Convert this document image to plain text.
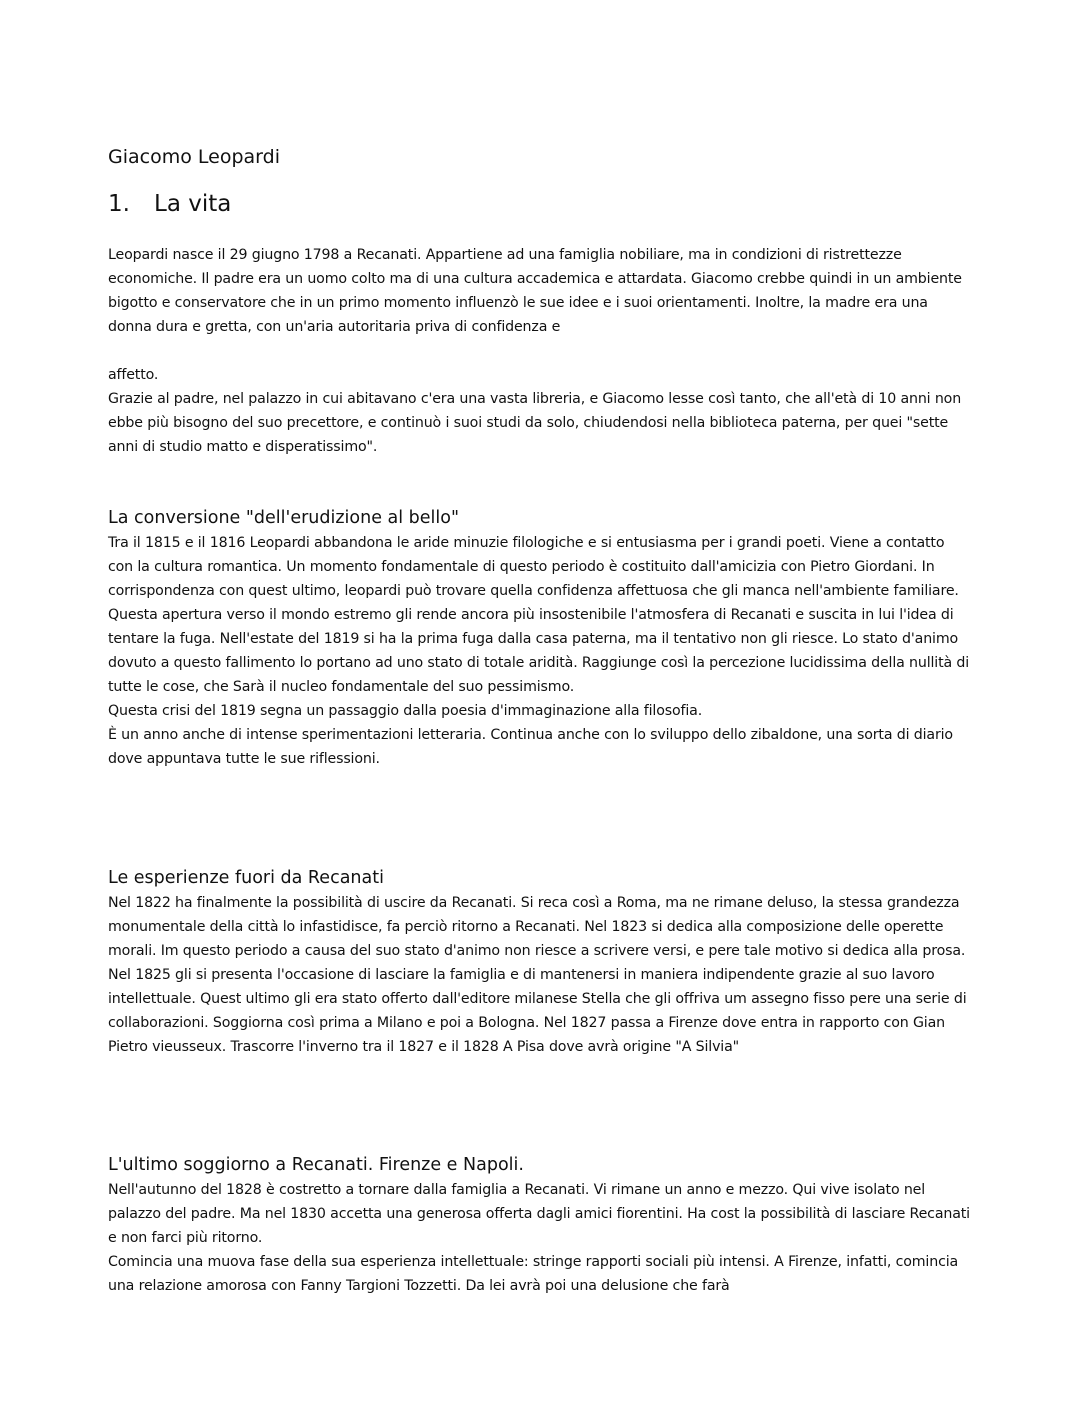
Giacomo Leopardi
1. La vita

Leopardi nasce il 29 giugno 1798 a Recanati. Appartiene ad una famiglia nobiliare, ma in condizioni di ristrettezze economiche. Il padre era un uomo colto ma di una cultura accademica e attardata. Giacomo crebbe quindi in un ambiente bigotto e conservatore che in un primo momento influenzò le sue idee e i suoi orientamenti. Inoltre, la madre era una donna dura e gretta, con un'aria autoritaria priva di confidenza e

affetto.

Grazie al padre, nel palazzo in cui abitavano c'era una vasta libreria, e Giacomo lesse così tanto, che all'età di 10 anni non ebbe più bisogno del suo precettore, e continuò i suoi studi da solo, chiudendosi nella biblioteca paterna, per quei "sette anni di studio matto e disperatissimo".

La conversione "dell'erudizione al bello"

Tra il 1815 e il 1816 Leopardi abbandona le aride minuzie filologiche e si entusiasma per i grandi poeti. Viene a contatto con la cultura romantica. Un momento fondamentale di questo periodo è costituito dall'amicizia con Pietro Giordani. In corrispondenza con quest ultimo, leopardi può trovare quella confidenza affettuosa che gli manca nell'ambiente familiare.

Questa apertura verso il mondo estremo gli rende ancora più insostenibile l'atmosfera di Recanati e suscita in lui l'idea di tentare la fuga. Nell'estate del 1819 si ha la prima fuga dalla casa paterna, ma il tentativo non gli riesce. Lo stato d'animo dovuto a questo fallimento lo portano ad uno stato di totale aridità. Raggiunge così la percezione lucidissima della nullità di tutte le cose, che Sarà il nucleo fondamentale del suo pessimismo.

Questa crisi del 1819 segna un passaggio dalla poesia d'immaginazione alla filosofia.

È un anno anche di intense sperimentazioni letteraria. Continua anche con lo sviluppo dello zibaldone, una sorta di diario dove appuntava tutte le sue riflessioni.

Le esperienze fuori da Recanati

Nel 1822 ha finalmente la possibilità di uscire da Recanati. Si reca così a Roma, ma ne rimane deluso, la stessa grandezza monumentale della città lo infastidisce, fa perciò ritorno a Recanati. Nel 1823 si dedica alla composizione delle operette morali. Im questo periodo a causa del suo stato d'animo non riesce a scrivere versi, e pere tale motivo si dedica alla prosa.

Nel 1825 gli si presenta l'occasione di lasciare la famiglia e di mantenersi in maniera indipendente grazie al suo lavoro intellettuale. Quest ultimo gli era stato offerto dall'editore milanese Stella che gli offriva um assegno fisso pere una serie di collaborazioni. Soggiorna così prima a Milano e poi a Bologna. Nel 1827 passa a Firenze dove entra in rapporto con Gian Pietro vieusseux. Trascorre l'inverno tra il 1827 e il 1828 A Pisa dove avrà origine "A Silvia"

L'ultimo soggiorno a Recanati. Firenze e Napoli.

Nell'autunno del 1828 è costretto a tornare dalla famiglia a Recanati. Vi rimane un anno e mezzo. Qui vive isolato nel palazzo del padre. Ma nel 1830 accetta una generosa offerta dagli amici fiorentini. Ha cost la possibilità di lasciare Recanati e non farci più ritorno.

Comincia una muova fase della sua esperienza intellettuale: stringe rapporti sociali più intensi. A Firenze, infatti, comincia una relazione amorosa con Fanny Targioni Tozzetti. Da lei avrà poi una delusione che farà
